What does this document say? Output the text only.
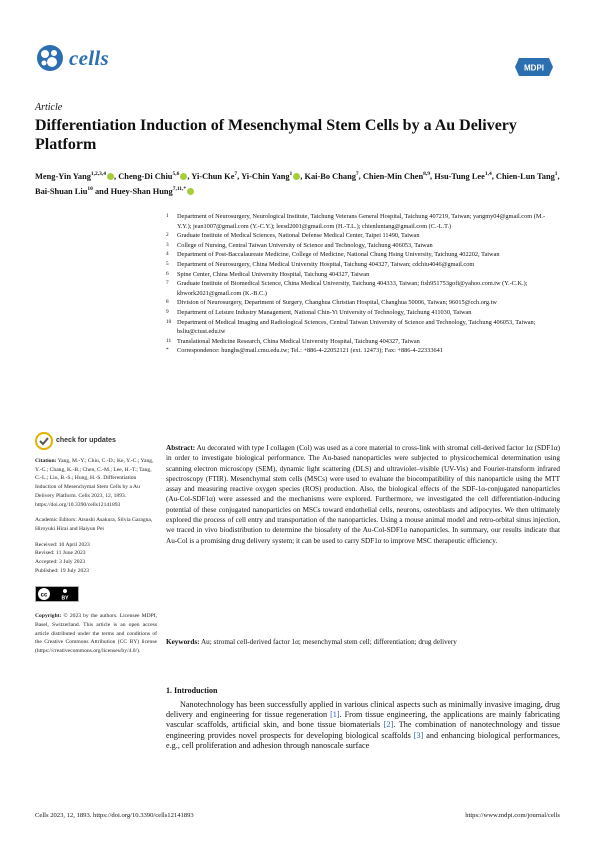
cells	MDPI
Article
Differentiation Induction of Mesenchymal Stem Cells by a Au Delivery Platform
Meng-Yin Yang$^{1,2,3,4}$ , Cheng-Di Chiu$^{5,6}$ , Yi-Chun Ke$^7$, Yi-Chin Yang$^1$ , Kai-Bo Chang$^7$, Chien-Min Chen$^{8,9}$, Hsu-Tung Lee$^{1,4}$, Chien-Lun Tang$^1$, Bai-Shuan Liu$^{10}$ and Huey-Shan Hung$^{7,11,*}$
1	Department of Neurosurgery, Neurological Institute, Taichung Veterans General Hospital, Taichung 407219, Taiwan; yangmy04@gmail.com (M.-Y.Y.); jean1007@gmail.com (Y.-C.Y.); leesd2001@gmail.com (H.-T.L.); chienluntang@gmail.com (C.-L.T.)
2	Graduate Institute of Medical Sciences, National Defense Medical Center, Taipei 11490, Taiwan
3	College of Nursing, Central Taiwan University of Science and Technology, Taichung 406053, Taiwan
4	Department of Post-Baccalaureate Medicine, College of Medicine, National Chung Hsing University, Taichung 402202, Taiwan
5	Department of Neurosurgery, China Medical University Hospital, Taichung 404327, Taiwan; cdchiu4046@gmail.com
6	Spine Center, China Medical University Hospital, Taichung 404327, Taiwan
7	Graduate Institute of Biomedical Science, China Medical University, Taichung 404333, Taiwan; fish951753gofi@yahoo.com.tw (Y.-C.K.); kbwork2021@gmail.com (K.-B.C.)
8	Division of Neurosurgery, Department of Surgery, Changhua Christian Hospital, Changhua 50006, Taiwan; 96015@cch.org.tw
9	Department of Leisure Industry Management, National Chin-Yi University of Technology, Taichung 411030, Taiwan
10 Department of Medical Imaging and Radiological Sciences, Central Taiwan University of Science and Technology, Taichung 406053, Taiwan; bsliu@ctust.edu.tw
11 Translational Medicine Research, China Medical University Hospital, Taichung 404327, Taiwan
*	Correspondence: hunghs@mail.cmu.edu.tw; Tel.: +886-4-22052121 (ext. 12473); Fax: +886-4-22333641
check for updates
Citation: Yang, M.-Y.; Chiu, C.-D.; Ke, Y.-C.; Yang, Y.-C.; Chang, K.-B.; Chen, C.-M.; Lee, H.-T.; Tang, C.-L.; Liu, B.-S.; Hung, H.-S. Differentiation Induction of Mesenchymal Stem Cells by a Au Delivery Platform. Cells 2023, 12, 1893. https://doi.org/10.3390/cells12141893
Academic Editors: Atsushi Asakura, Silvia Garagna, Hiroyuki Hirai and Haiyun Pei
Received: 10 April 2023
Revised: 11 June 2023
Accepted: 3 July 2023
Published: 19 July 2023
cc	BY
Copyright: © 2023 by the authors. Licensee MDPI, Basel, Switzerland. This article is an open access article distributed under the terms and conditions of the Creative Commons Attribution (CC BY) license (https://creativecommons.org/licenses/by/4.0/).
Abstract: Au decorated with type I collagen (Col) was used as a core material to cross-link with stromal cell-derived factor 1α (SDF1α) in order to investigate biological performance. The Au-based nanoparticles were subjected to physicochemical determination using scanning electron microscopy (SEM), dynamic light scattering (DLS) and ultraviolet–visible (UV-Vis) and Fourier-transform infrared spectroscopy (FTIR). Mesenchymal stem cells (MSCs) were used to evaluate the biocompatibility of this nanoparticle using the MTT assay and measuring reactive oxygen species (ROS) production. Also, the biological effects of the SDF-1α-conjugated nanoparticles (Au-Col-SDF1α) were assessed and the mechanisms were explored. Furthermore, we investigated the cell differentiation-inducing potential of these conjugated nanoparticles on MSCs toward endothelial cells, neurons, osteoblasts and adipocytes. We then ultimately explored the process of cell entry and transportation of the nanoparticles. Using a mouse animal model and retro-orbital sinus injection, we traced in vivo biodistribution to determine the biosafety of the Au-Col-SDF1α nanoparticles. In summary, our results indicate that Au-Col is a promising drug delivery system; it can be used to carry SDF1α to improve MSC therapeutic efficiency.
Keywords: Au; stromal cell-derived factor 1α; mesenchymal stem cell; differentiation; drug delivery
1. Introduction
Nanotechnology has been successfully applied in various clinical aspects such as minimally invasive imaging, drug delivery and engineering for tissue regeneration [1]. From tissue engineering, the applications are mainly fabricating vascular scaffolds, artificial skin, and bone tissue biomaterials [2]. The combination of nanotechnology and tissue engineering provides novel prospects for developing biological scaffolds [3] and enhancing biological performances, e.g., cell proliferation and adhesion through nanoscale surface
Cells 2023, 12, 1893. https://doi.org/10.3390/cells12141893	https://www.mdpi.com/journal/cells
